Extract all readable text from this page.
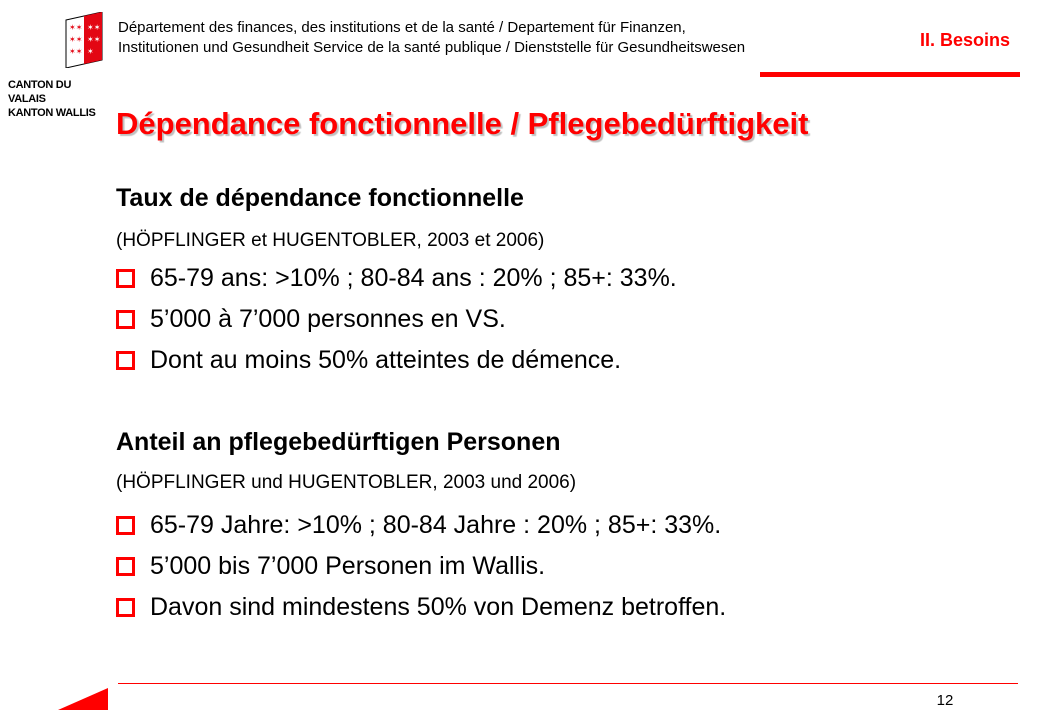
✶✶
✶✶
✶✶
✶✶
✶✶
✶
CANTON DU VALAIS
KANTON WALLIS
Département des finances, des institutions et de la santé / Departement für Finanzen, Institutionen und Gesundheit Service de la santé publique / Dienststelle für Gesundheitswesen	II. Besoins
Dépendance fonctionnelle / Pflegebedürftigkeit
Taux de dépendance fonctionnelle
(HÖPFLINGER et HUGENTOBLER, 2003 et 2006)
65-79 ans: >10% ; 80-84 ans : 20% ; 85+: 33%.
5’000 à 7’000 personnes en VS.
Dont au moins 50% atteintes de démence.
Anteil an pflegebedürftigen Personen
(HÖPFLINGER und HUGENTOBLER, 2003 und 2006)
65-79 Jahre: >10% ; 80-84 Jahre : 20% ; 85+: 33%.
5’000 bis 7’000 Personen im Wallis.
Davon sind mindestens 50% von Demenz betroffen.
12
